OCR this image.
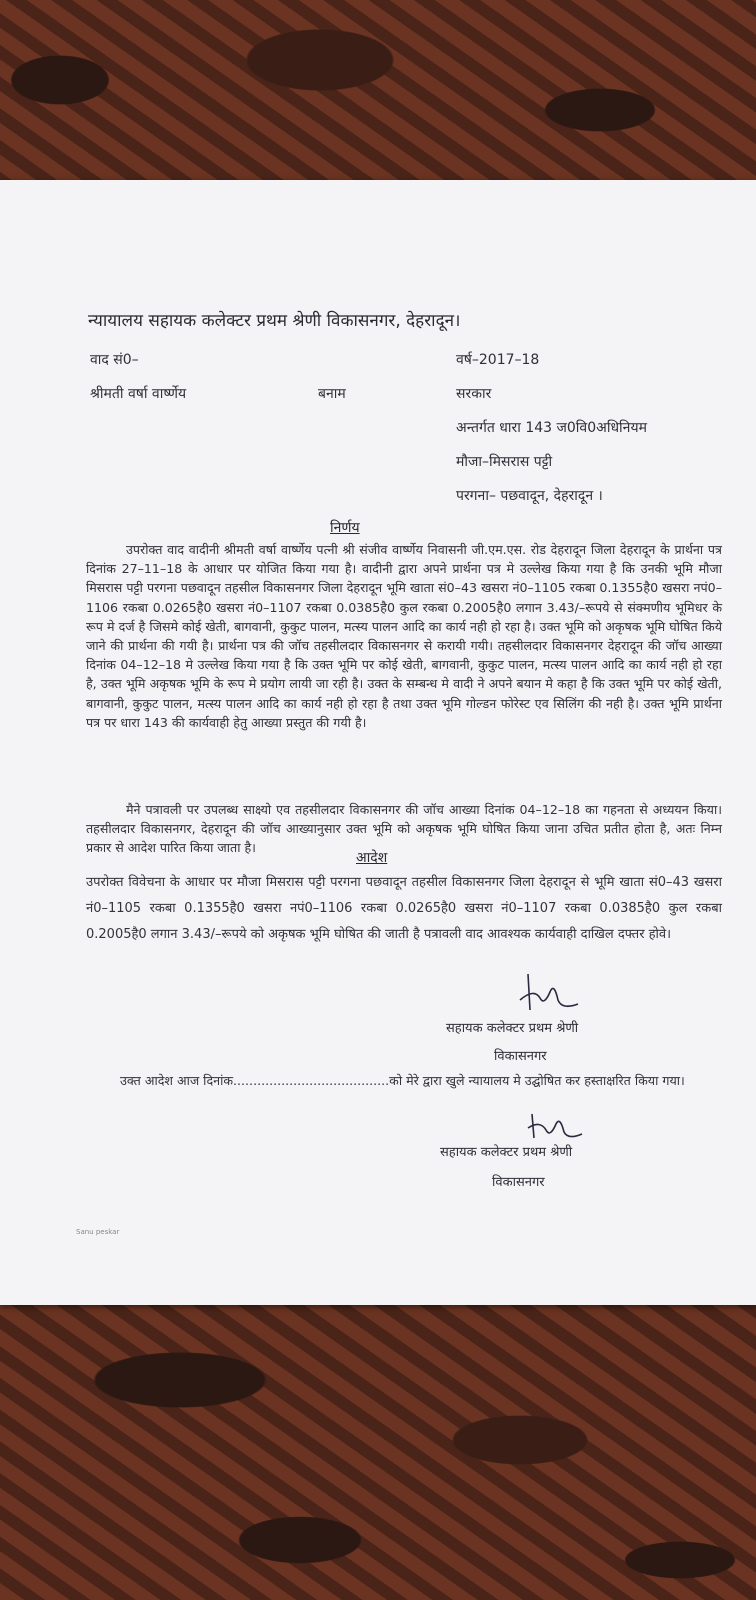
न्यायालय सहायक कलेक्टर प्रथम श्रेणी विकासनगर, देहरादून।
वाद सं0–	वर्ष–2017–18
श्रीमती वर्षा वार्ष्णेय	बनाम	सरकार
अन्तर्गत धारा 143 ज0वि0अधिनियम
मौजा–मिसरास पट्टी
परगना– पछवादून, देहरादून ।
निर्णय
उपरोक्त वाद वादीनी श्रीमती वर्षा वार्ष्णेय पत्नी श्री संजीव वार्ष्णेय निवासनी जी.एम.एस. रोड देहरादून जिला देहरादून के प्रार्थना पत्र दिनांक 27–11–18 के आधार पर योजित किया गया है। वादीनी द्वारा अपने प्रार्थना पत्र मे उल्लेख किया गया है कि उनकी भूमि मौजा मिसरास पट्टी परगना पछवादून तहसील विकासनगर जिला देहरादून भूमि खाता सं0–43 खसरा नं0–1105 रकबा 0.1355है0 खसरा नपं0–1106 रकबा 0.0265है0 खसरा नं0–1107 रकबा 0.0385है0 कुल रकबा 0.2005है0 लगान 3.43/–रूपये से संक्मणीय भूमिधर के रूप मे दर्ज है जिसमे कोई खेती, बागवानी, कुकुट पालन, मत्स्य पालन आदि का कार्य नही हो रहा है। उक्त भूमि को अकृषक भूमि घोषित किये जाने की प्रार्थना की गयी है। प्रार्थना पत्र की जॉच तहसीलदार विकासनगर से करायी गयी। तहसीलदार विकासनगर देहरादून की जॉच आख्या दिनांक 04–12–18 मे उल्लेख किया गया है कि उक्त भूमि पर कोई खेती, बागवानी, कुकुट पालन, मत्स्य पालन आदि का कार्य नही हो रहा है, उक्त भूमि अकृषक भूमि के रूप मे प्रयोग लायी जा रही है। उक्त के सम्बन्ध मे वादी ने अपने बयान मे कहा है कि उक्त भूमि पर कोई खेती, बागवानी, कुकुट पालन, मत्स्य पालन आदि का कार्य नही हो रहा है तथा उक्त भूमि गोल्डन फोरेस्ट एव सिलिंग की नही है। उक्त भूमि प्रार्थना पत्र पर धारा 143 की कार्यवाही हेतु आख्या प्रस्तुत की गयी है।
मैने पत्रावली पर उपलब्ध साक्ष्यो एव तहसीलदार विकासनगर की जॉच आख्या दिनांक 04–12–18 का गहनता से अध्ययन किया। तहसीलदार विकासनगर, देहरादून की जॉच आख्यानुसार उक्त भूमि को अकृषक भूमि घोषित किया जाना उचित प्रतीत होता है, अतः निम्न प्रकार से आदेश पारित किया जाता है।
आदेश
उपरोक्त विवेचना के आधार पर मौजा मिसरास पट्टी परगना पछवादून तहसील विकासनगर जिला देहरादून से भूमि खाता सं0–43 खसरा नं0–1105 रकबा 0.1355है0 खसरा नपं0–1106 रकबा 0.0265है0 खसरा नं0–1107 रकबा 0.0385है0 कुल रकबा 0.2005है0 लगान 3.43/–रूपये को अकृषक भूमि घोषित की जाती है पत्रावली वाद आवश्यक कार्यवाही दाखिल दफ्तर होवे।
सहायक कलेक्टर प्रथम श्रेणी
विकासनगर
उक्त आदेश आज दिनांक.......................................को मेरे द्वारा खुले न्यायालय मे उद्घोषित कर हस्ताक्षरित किया गया।
सहायक कलेक्टर प्रथम श्रेणी
विकासनगर
Sanu peskar
